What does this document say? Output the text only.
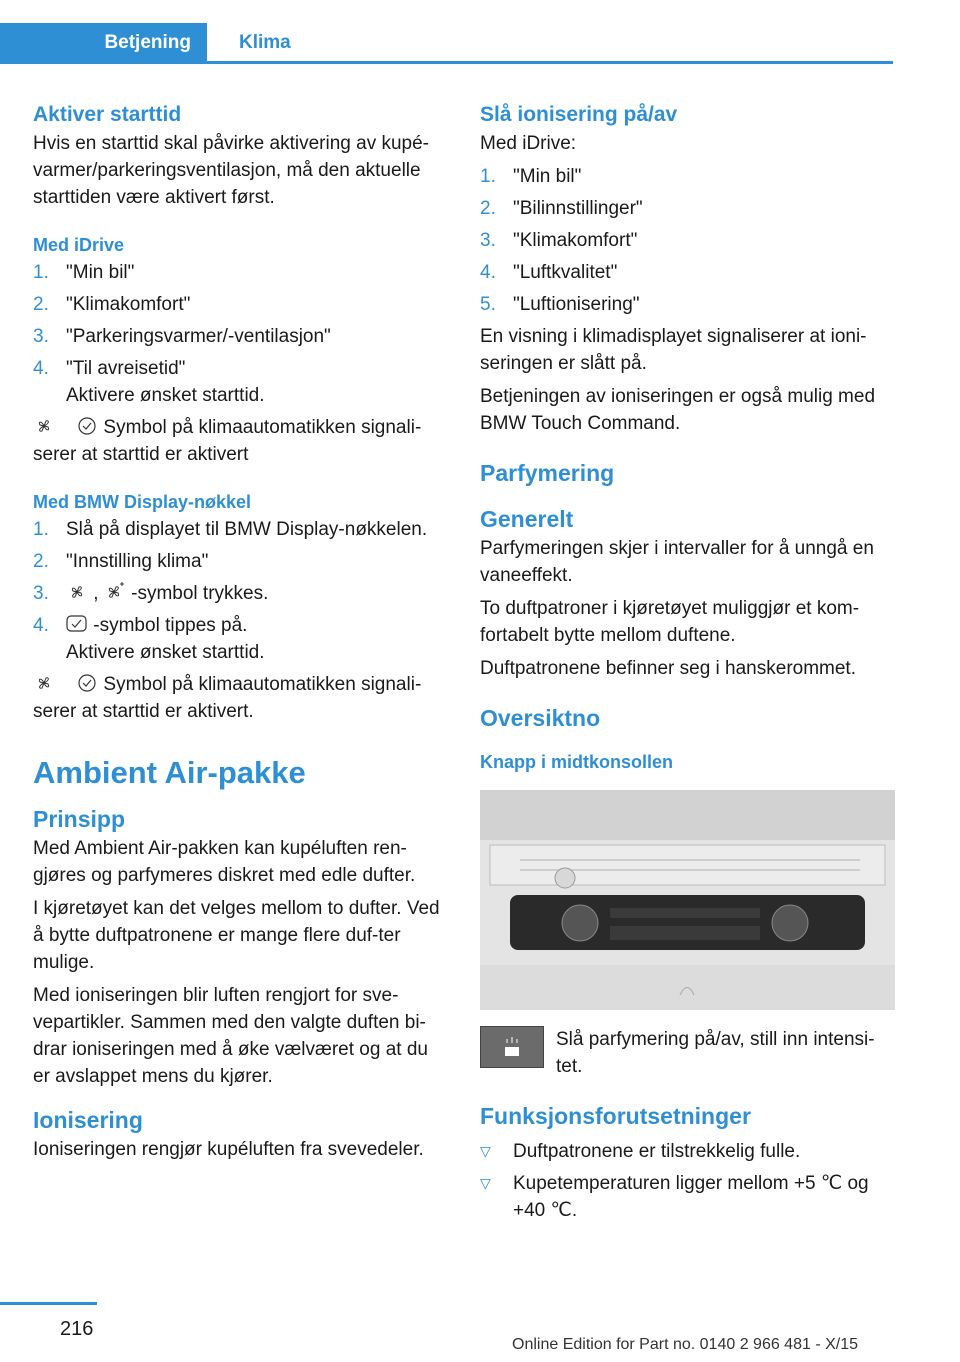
Betjening	Klima
Aktiver starttid

Hvis en starttid skal påvirke aktivering av kupé-varmer/parkeringsventilasjon, må den aktuelle starttiden være aktivert først.

Med iDrive
1. "Min bil"
2. "Klimakomfort"
3. "Parkeringsvarmer/-ventilasjon"
4. "Til avreisetid"
Aktivere ønsket starttid.

Symbol på klimaautomatikken signali-serer at starttid er aktivert

Med BMW Display-nøkkel
1. Slå på displayet til BMW Display-nøkkelen.
2. "Innstilling klima"
3. , -symbol trykkes.
4. -symbol tippes på.
Aktivere ønsket starttid.

Symbol på klimaautomatikken signali-serer at starttid er aktivert.

Ambient Air-pakke
Prinsipp

Med Ambient Air-pakken kan kupéluften ren-gjøres og parfymeres diskret med edle dufter.

I kjøretøyet kan det velges mellom to dufter. Ved å bytte duftpatronene er mange flere duf-ter mulige.

Med ioniseringen blir luften rengjort for sve-vepartikler. Sammen med den valgte duften bi-drar ioniseringen med å øke vælværet og at du er avslappet mens du kjører.

Ionisering

Ioniseringen rengjør kupéluften fra svevedeler.

Slå ionisering på/av

Med iDrive:

1. "Min bil"
2. "Bilinnstillinger"
3. "Klimakomfort"
4. "Luftkvalitet"
5. "Luftionisering"

En visning i klimadisplayet signaliserer at ioni-seringen er slått på.

Betjeningen av ioniseringen er også mulig med BMW Touch Command.

Parfymering
Generelt

Parfymeringen skjer i intervaller for å unngå en vaneeffekt.

To duftpatroner i kjøretøyet muliggjør et kom-fortabelt bytte mellom duftene.

Duftpatronene befinner seg i hanskerommet.

Oversiktno
Knapp i midtkonsollen

Slå parfymering på/av, still inn intensi-tet.

Funksjonsforutsetninger
▽ Duftpatronene er tilstrekkelig fulle.
▽ Kupetemperaturen ligger mellom +5 ℃ og +40 ℃.
216
Online Edition for Part no. 0140 2 966 481 - X/15
